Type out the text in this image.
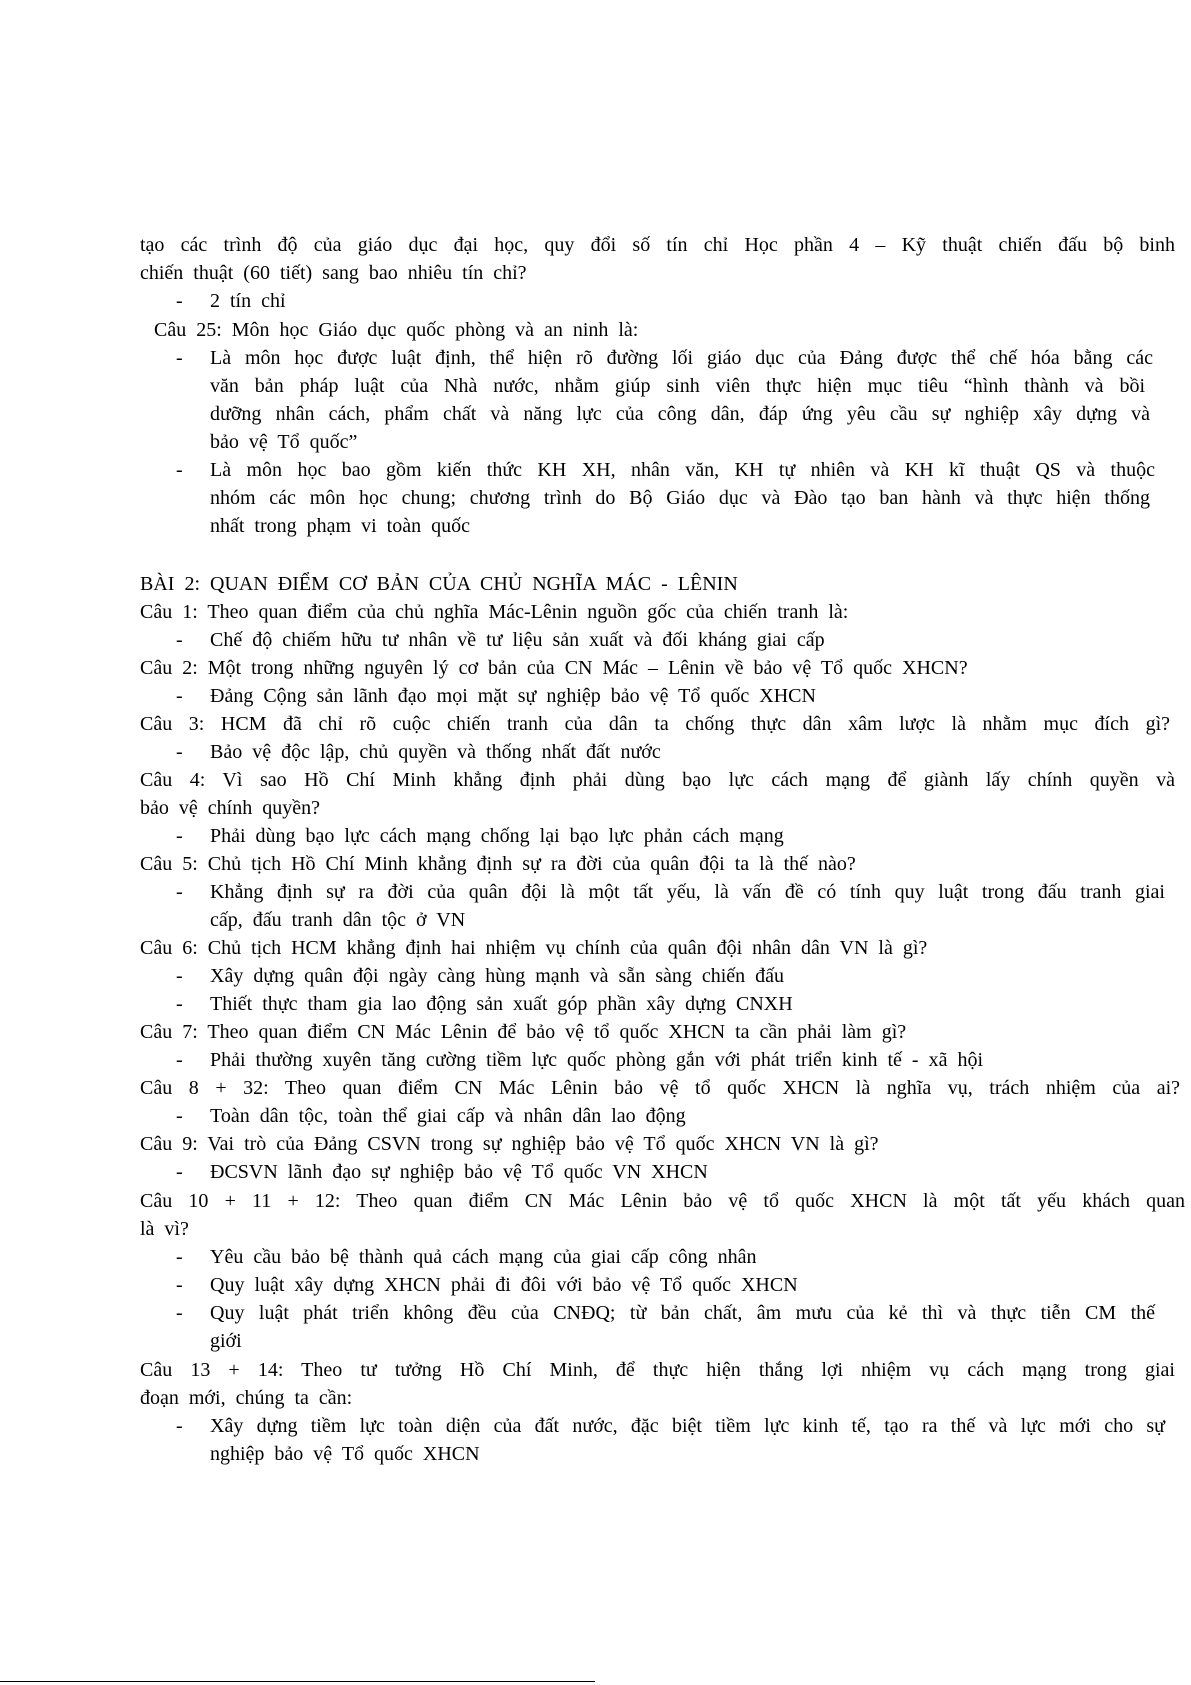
tạo các trình độ của giáo dục đại học, quy đổi số tín chỉ Học phần 4 – Kỹ thuật chiến đấu bộ binh
chiến thuật (60 tiết) sang bao nhiêu tín chỉ?
- 2 tín chỉ
Câu 25: Môn học Giáo dục quốc phòng và an ninh là:
- Là môn học được luật định, thể hiện rõ đường lối giáo dục của Đảng được thể chế hóa bằng các
văn bản pháp luật của Nhà nước, nhằm giúp sinh viên thực hiện mục tiêu “hình thành và bồi
dưỡng nhân cách, phẩm chất và năng lực của công dân, đáp ứng yêu cầu sự nghiệp xây dựng và
bảo vệ Tổ quốc”
- Là môn học bao gồm kiến thức KH XH, nhân văn, KH tự nhiên và KH kĩ thuật QS và thuộc
nhóm các môn học chung; chương trình do Bộ Giáo dục và Đào tạo ban hành và thực hiện thống
nhất trong phạm vi toàn quốc
BÀI 2: QUAN ĐIỂM CƠ BẢN CỦA CHỦ NGHĨA MÁC - LÊNIN
Câu 1: Theo quan điểm của chủ nghĩa Mác-Lênin nguồn gốc của chiến tranh là:
- Chế độ chiếm hữu tư nhân về tư liệu sản xuất và đối kháng giai cấp
Câu 2: Một trong những nguyên lý cơ bản của CN Mác – Lênin về bảo vệ Tổ quốc XHCN?
- Đảng Cộng sản lãnh đạo mọi mặt sự nghiệp bảo vệ Tổ quốc XHCN
Câu 3: HCM đã chỉ rõ cuộc chiến tranh của dân ta chống thực dân xâm lược là nhằm mục đích gì?
- Bảo vệ độc lập, chủ quyền và thống nhất đất nước
Câu 4: Vì sao Hồ Chí Minh khẳng định phải dùng bạo lực cách mạng để giành lấy chính quyền và
bảo vệ chính quyền?
- Phải dùng bạo lực cách mạng chống lại bạo lực phản cách mạng
Câu 5: Chủ tịch Hồ Chí Minh khẳng định sự ra đời của quân đội ta là thế nào?
- Khẳng định sự ra đời của quân đội là một tất yếu, là vấn đề có tính quy luật trong đấu tranh giai
cấp, đấu tranh dân tộc ở VN
Câu 6: Chủ tịch HCM khẳng định hai nhiệm vụ chính của quân đội nhân dân VN là gì?
- Xây dựng quân đội ngày càng hùng mạnh và sẵn sàng chiến đấu
- Thiết thực tham gia lao động sản xuất góp phần xây dựng CNXH
Câu 7: Theo quan điểm CN Mác Lênin để bảo vệ tổ quốc XHCN ta cần phải làm gì?
- Phải thường xuyên tăng cường tiềm lực quốc phòng gắn với phát triển kinh tế - xã hội
Câu 8 + 32: Theo quan điểm CN Mác Lênin bảo vệ tổ quốc XHCN là nghĩa vụ, trách nhiệm của ai?
- Toàn dân tộc, toàn thể giai cấp và nhân dân lao động
Câu 9: Vai trò của Đảng CSVN trong sự nghiệp bảo vệ Tổ quốc XHCN VN là gì?
- ĐCSVN lãnh đạo sự nghiệp bảo vệ Tổ quốc VN XHCN
Câu 10 + 11 + 12: Theo quan điểm CN Mác Lênin bảo vệ tổ quốc XHCN là một tất yếu khách quan
là vì?
- Yêu cầu bảo bệ thành quả cách mạng của giai cấp công nhân
- Quy luật xây dựng XHCN phải đi đôi với bảo vệ Tổ quốc XHCN
- Quy luật phát triển không đều của CNĐQ; từ bản chất, âm mưu của kẻ thì và thực tiễn CM thế
giới
Câu 13 + 14: Theo tư tưởng Hồ Chí Minh, để thực hiện thắng lợi nhiệm vụ cách mạng trong giai
đoạn mới, chúng ta cần:
- Xây dựng tiềm lực toàn diện của đất nước, đặc biệt tiềm lực kinh tế, tạo ra thế và lực mới cho sự
nghiệp bảo vệ Tổ quốc XHCN
